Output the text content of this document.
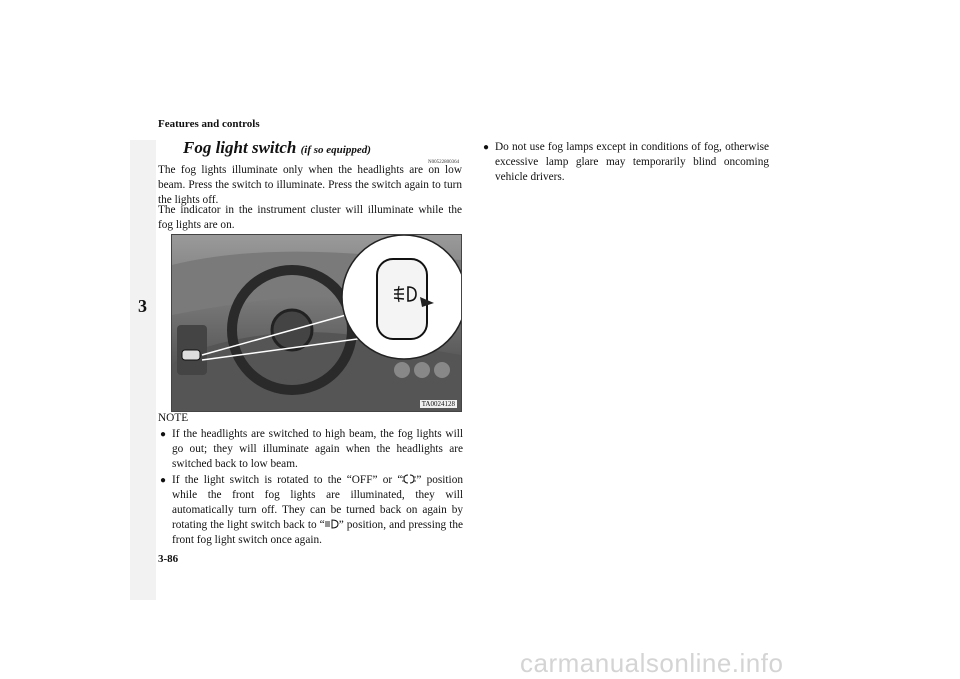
Features and controls
3
Fog light switch (if so equipped)
N00522800364
The fog lights illuminate only when the headlights are on low beam. Press the switch to illuminate. Press the switch again to turn the lights off.
The indicator in the instrument cluster will illuminate while the fog lights are on.
TA0024128
NOTE
● If the headlights are switched to high beam, the fog lights will go out; they will illuminate again when the headlights are switched back to low beam.
● If the light switch is rotated to the “OFF” or “ ” position while the front fog lights are illuminated, they will automatically turn off. They can be turned back on again by rotating the light switch back to “ ” position, and pressing the front fog light switch once again.
● Do not use fog lamps except in conditions of fog, otherwise excessive lamp glare may temporarily blind oncoming vehicle drivers.
3-86
carmanualsonline.info
